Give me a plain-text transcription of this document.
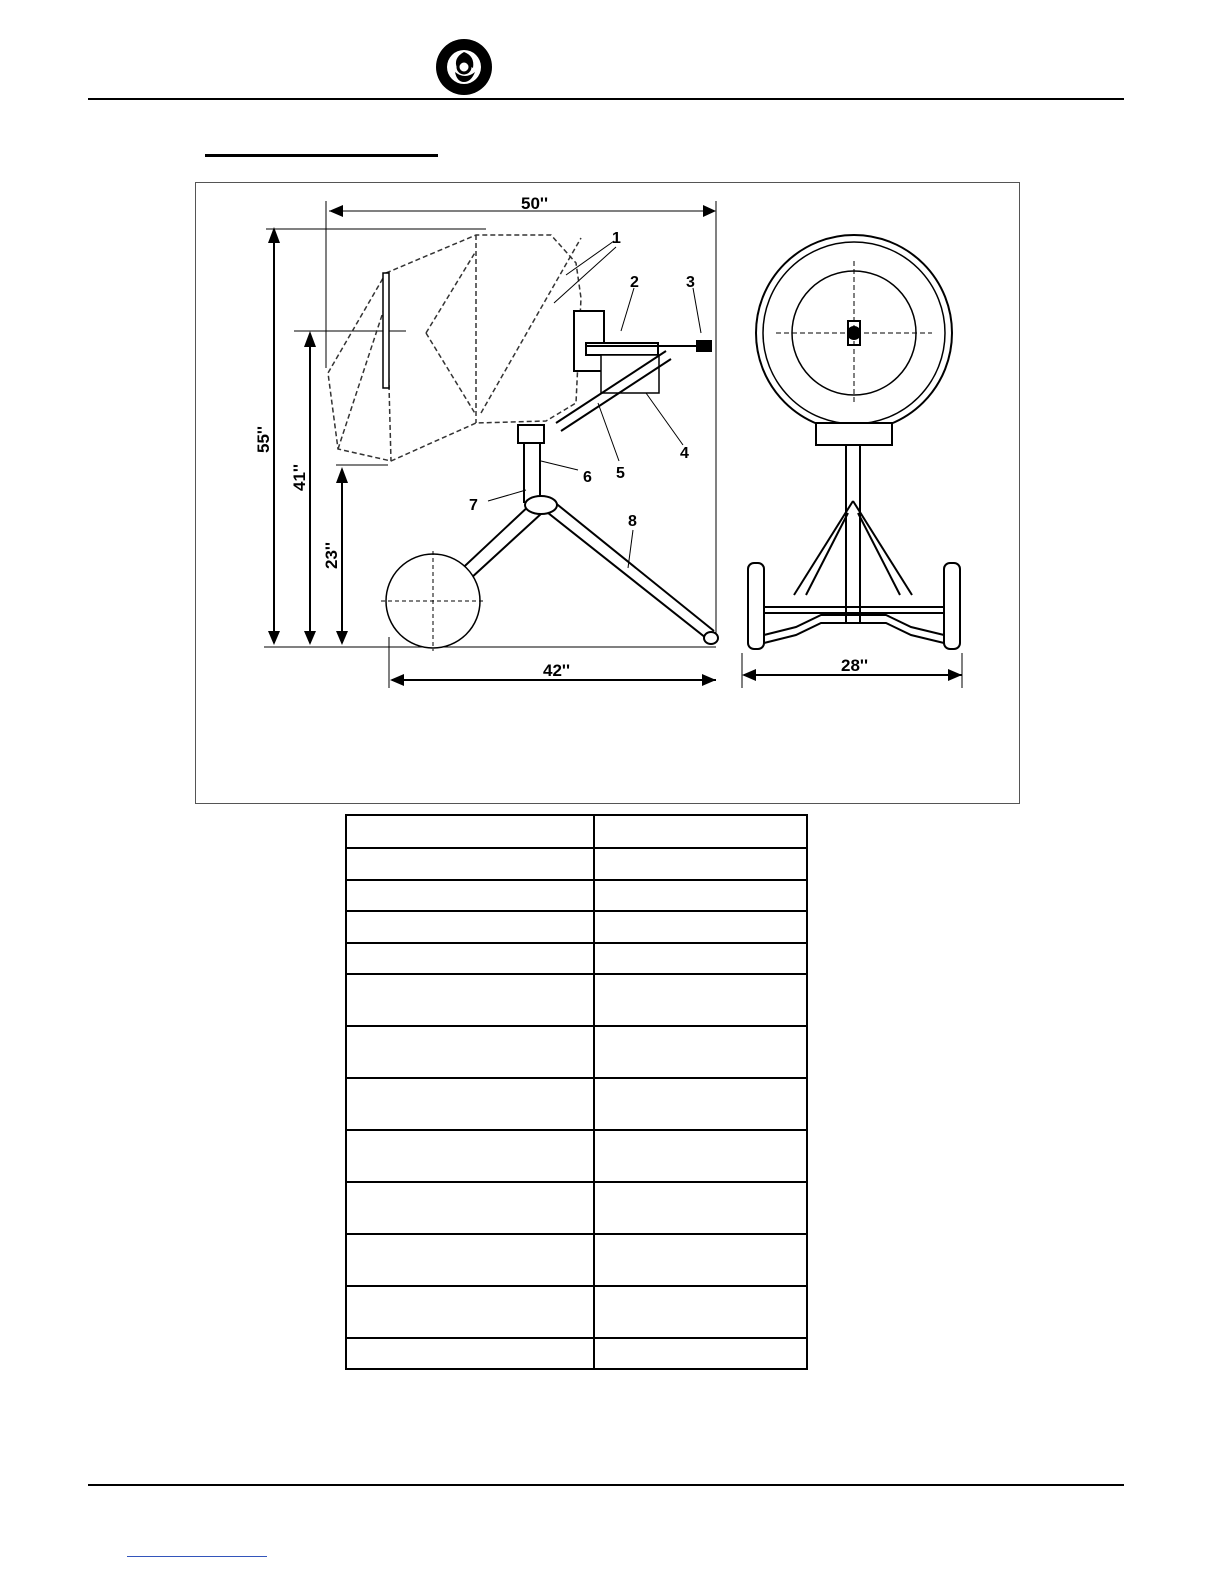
50''
55''
41''
23''
42''	28''
1
2	3
4
5
6
7
8
